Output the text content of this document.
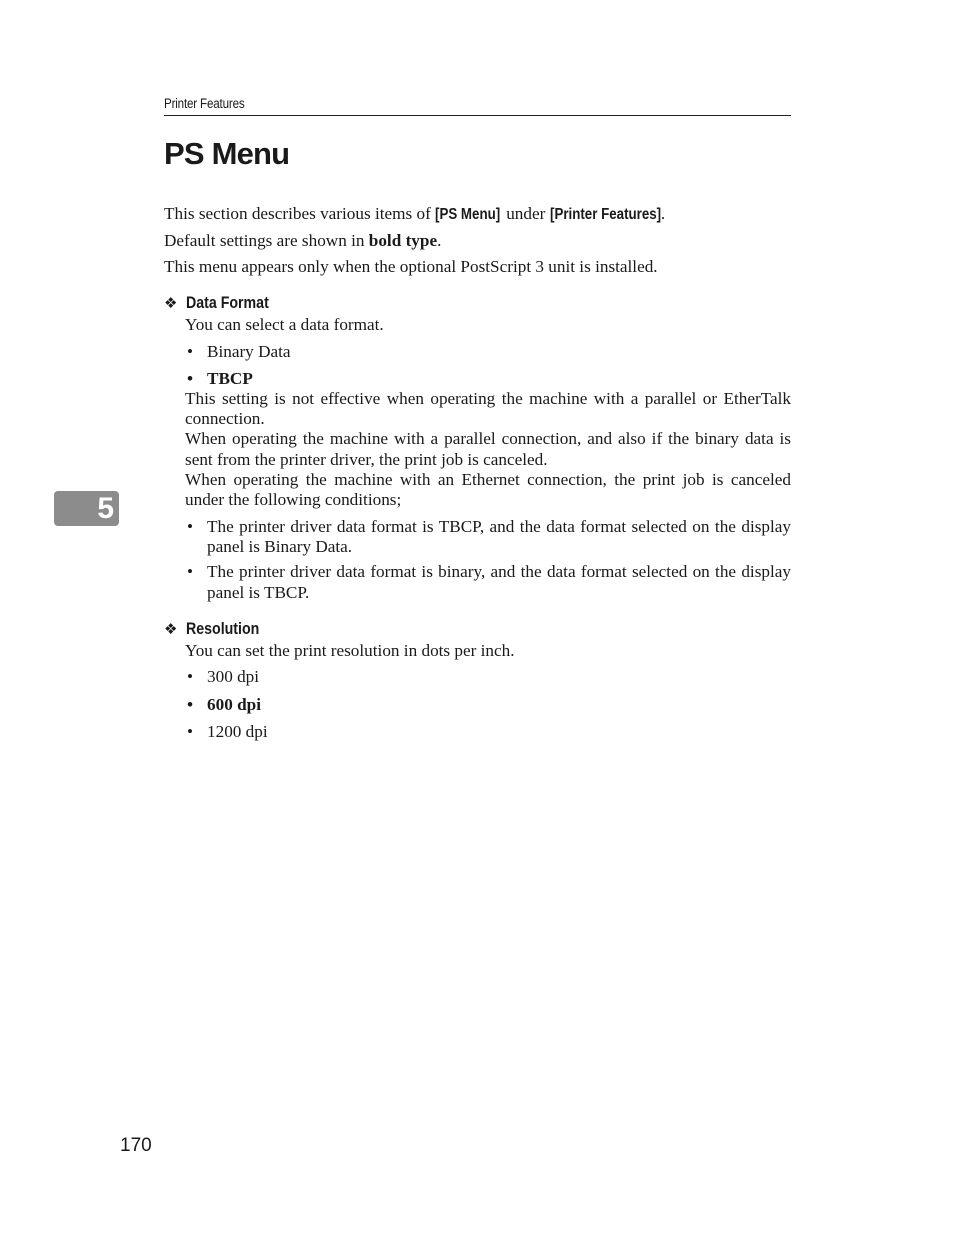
Printer Features
PS Menu

This section describes various items of [PS Menu] under [Printer Features].

Default settings are shown in bold type.

This menu appears only when the optional PostScript 3 unit is installed.

❖ Data Format

You can select a data format.

• Binary Data
• TBCP

This setting is not effective when operating the machine with a parallel or EtherTalk connection.

When operating the machine with a parallel connection, and also if the binary data is sent from the printer driver, the print job is canceled.

When operating the machine with an Ethernet connection, the print job is canceled under the following conditions;

• The printer driver data format is TBCP, and the data format selected on the display panel is Binary Data.
• The printer driver data format is binary, and the data format selected on the display panel is TBCP.
❖ Resolution

You can set the print resolution in dots per inch.

• 300 dpi
• 600 dpi
• 1200 dpi
5
170
